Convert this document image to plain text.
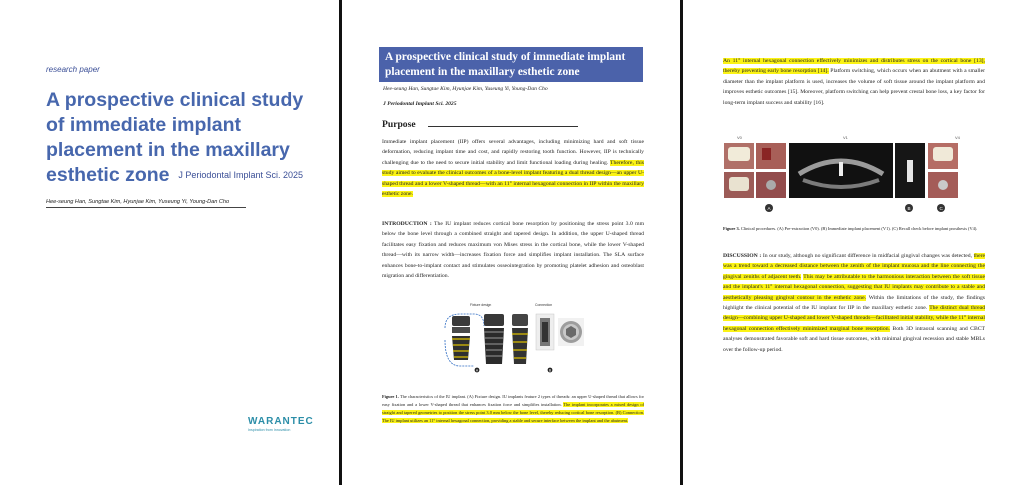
research paper
A prospective clinical study of immediate implant placement in the maxillary esthetic zone J Periodontal Implant Sci. 2025
Hee-seung Han, Sungtae Kim, Hyunjae Kim, Yuseung Yi, Young-Dan Cho
WARANTEC
Inspiration from Innovation
A prospective clinical study of immediate implant placement in the maxillary esthetic zone
Hee-seung Han, Sungtae Kim, Hyunjae Kim, Yuseung Yi, Young-Dan Cho
J Periodontal Implant Sci. 2025
Purpose
Immediate implant placement (IIP) offers several advantages, including minimizing hard and soft tissue deformation, reducing implant time and cost, and rapidly restoring tooth function. However, IIP is technically challenging due to the need to secure initial stability and limit functional loading during healing. Therefore, this study aimed to evaluate the clinical outcomes of a bone-level implant featuring a dual thread design—an upper U-shaped thread and a lower V-shaped thread—with an 11° internal hexagonal connection in IIP within the maxillary esthetic zone.
INTRODUCTION : The IU implant reduces cortical bone resorption by positioning the stress point 3.0 mm below the bone level through a combined straight and tapered design. In addition, the upper U-shaped thread facilitates easy fixation and reduces maximum von Mises stress in the cortical bone, while the lower V-shaped thread—with its narrow width—increases fixation force and simplifies implant installation. The SLA surface enhances bone-to-implant contact and stimulates osseointegration by promoting platelet adhesion and osteoblast migration and differentiation.
Fixture design	Connection
A	B
Figure 1. The characteristics of the IU implant. (A) Fixture design. IU implants feature 2 types of threads: an upper U-shaped thread that allows for easy fixation and a lower V-shaped thread that enhances fixation force and simplifies installation. The implant incorporates a mixed design of straight and tapered geometries to position the stress point 3.0 mm below the bone level, thereby reducing cortical bone resorption. (B) Connection. The IU implant utilizes an 11° internal hexagonal connection, providing a stable and secure interface between the implant and the abutment.
An 11° internal hexagonal connection effectively minimizes and distributes stress on the cortical bone [13], thereby preventing early bone resorption [14]. Platform switching, which occurs when an abutment with a smaller diameter than the implant platform is used, increases the volume of soft tissue around the implant platform and improves esthetic outcomes [15]. Moreover, platform switching can help prevent crestal bone loss, a key factor for long-term implant success and stability [16].
V0	V1	V4
A	B	C
Figure 3. Clinical procedures. (A) Pre-extraction (V0). (B) Immediate implant placement (V1). (C) Recall check before implant prosthesis (V4).
DISCUSSION : In our study, although no significant difference in midfacial gingival changes was detected, there was a trend toward a decreased distance between the zenith of the implant mucosa and the line connecting the gingival zeniths of adjacent teeth. This may be attributable to the harmonious interaction between the soft tissue and the implant's 11° internal hexagonal connection, suggesting that IU implants may contribute to a stable and aesthetically pleasing gingival contour in the esthetic zone. Within the limitations of the study, the findings highlight the clinical potential of the IU implant for IIP in the maxillary esthetic zone. The distinct dual thread design—combining upper U-shaped and lower V-shaped threads—facilitated initial stability, while the 11° internal hexagonal connection effectively minimized marginal bone resorption. Both 3D intraoral scanning and CBCT analyses demonstrated favorable soft and hard tissue outcomes, with minimal gingival recession and stable MBLs over the follow-up period.
